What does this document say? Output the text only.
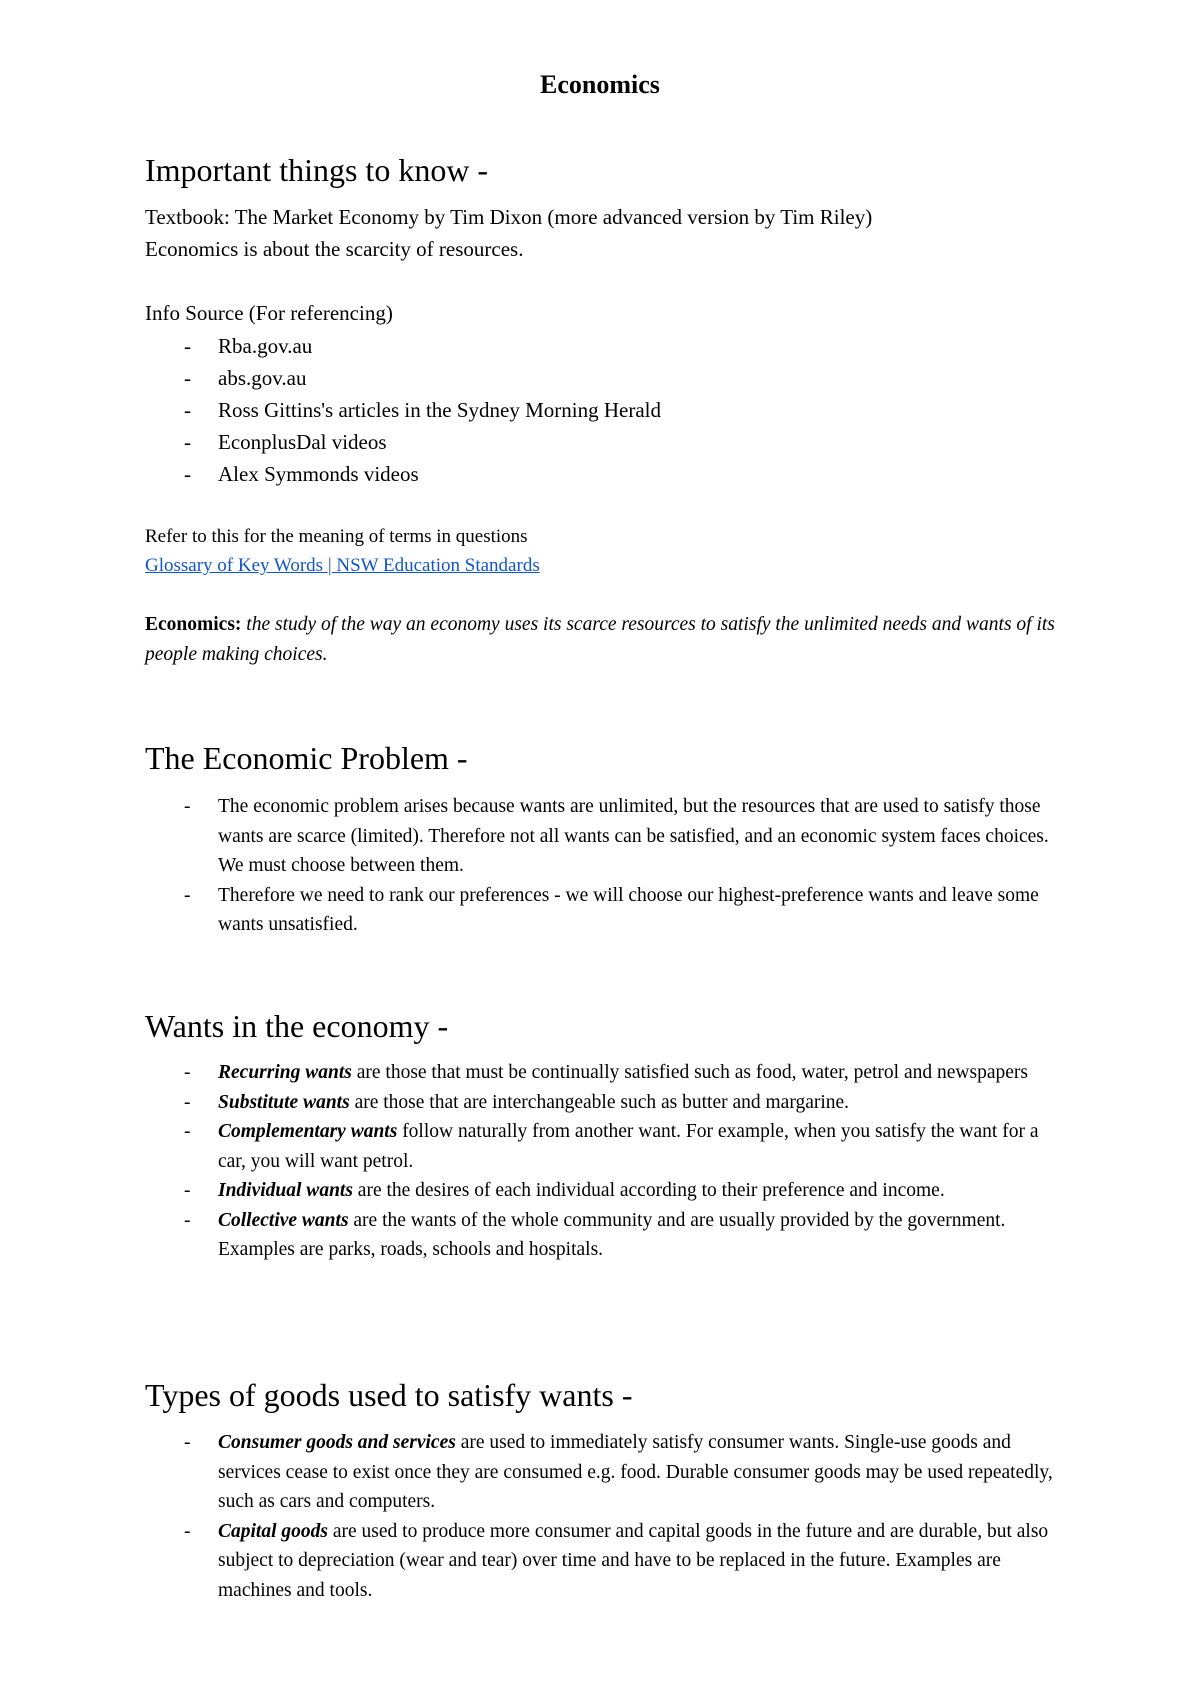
Economics
Important things to know -

Textbook: The Market Economy by Tim Dixon (more advanced version by Tim Riley)

Economics is about the scarcity of resources.

Info Source (For referencing)

- Rba.gov.au
- abs.gov.au
- Ross Gittins's articles in the Sydney Morning Herald
- EconplusDal videos
- Alex Symmonds videos

Refer to this for the meaning of terms in questions

Glossary of Key Words | NSW Education Standards

Economics: the study of the way an economy uses its scarce resources to satisfy the unlimited needs and wants of its people making choices.

The Economic Problem -
- The economic problem arises because wants are unlimited, but the resources that are used to satisfy those wants are scarce (limited). Therefore not all wants can be satisfied, and an economic system faces choices. We must choose between them.
- Therefore we need to rank our preferences - we will choose our highest-preference wants and leave some wants unsatisfied.
Wants in the economy -
- Recurring wants are those that must be continually satisfied such as food, water, petrol and newspapers
- Substitute wants are those that are interchangeable such as butter and margarine.
- Complementary wants follow naturally from another want. For example, when you satisfy the want for a car, you will want petrol.
- Individual wants are the desires of each individual according to their preference and income.
- Collective wants are the wants of the whole community and are usually provided by the government. Examples are parks, roads, schools and hospitals.
Types of goods used to satisfy wants -
- Consumer goods and services are used to immediately satisfy consumer wants. Single-use goods and services cease to exist once they are consumed e.g. food. Durable consumer goods may be used repeatedly, such as cars and computers.
- Capital goods are used to produce more consumer and capital goods in the future and are durable, but also subject to depreciation (wear and tear) over time and have to be replaced in the future. Examples are machines and tools.
